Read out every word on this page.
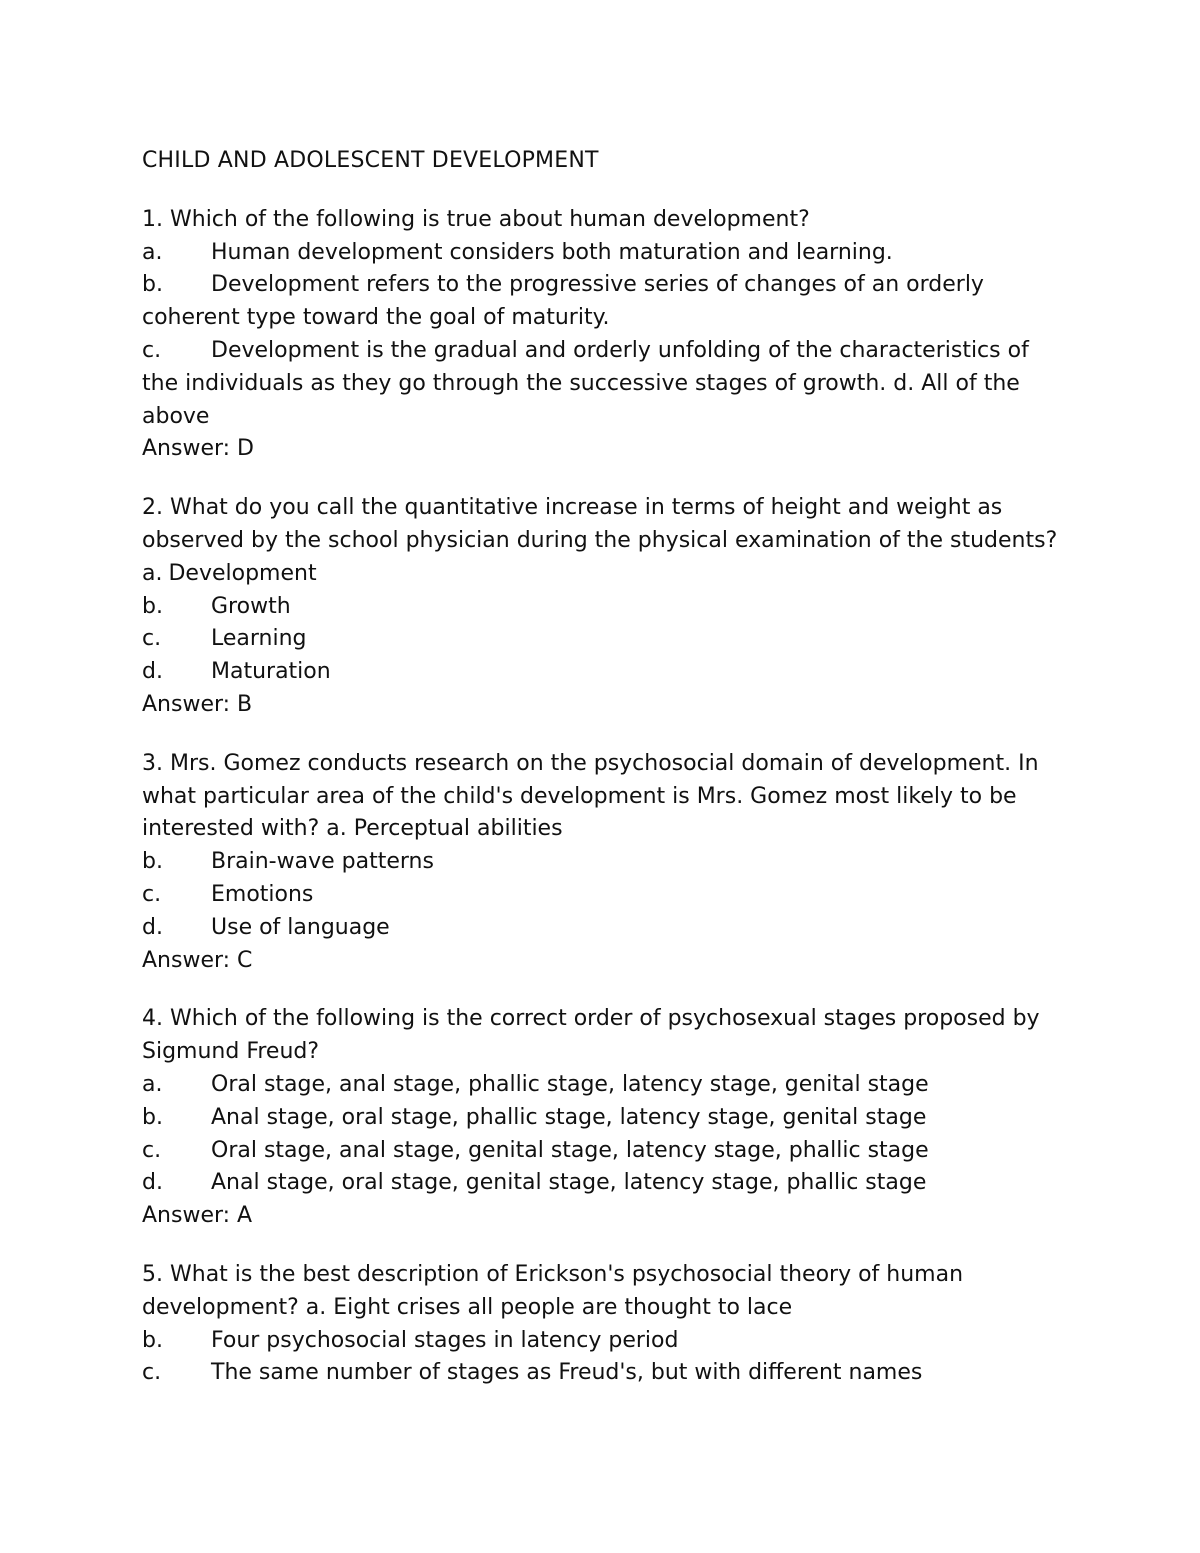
CHILD AND ADOLESCENT DEVELOPMENT

1. Which of the following is true about human development?

a.	Human development considers both maturation and learning.

b. Development refers to the progressive series of changes of an orderly coherent type toward the goal of maturity.

c. Development is the gradual and orderly unfolding of the characteristics of the individuals as they go through the successive stages of growth. d. All of the above

Answer: D

2. What do you call the quantitative increase in terms of height and weight as observed by the school physician during the physical examination of the students?

a. Development

b.	Growth

c.	Learning

d.	Maturation

Answer: B

3. Mrs. Gomez conducts research on the psychosocial domain of development. In what particular area of the child's development is Mrs. Gomez most likely to be interested with? a. Perceptual abilities

b.	Brain-wave patterns

c.	Emotions

d.	Use of language

Answer: C

4. Which of the following is the correct order of psychosexual stages proposed by Sigmund Freud?

a.	Oral stage, anal stage, phallic stage, latency stage, genital stage

b.	Anal stage, oral stage, phallic stage, latency stage, genital stage

c.	Oral stage, anal stage, genital stage, latency stage, phallic stage

d.	Anal stage, oral stage, genital stage, latency stage, phallic stage

Answer: A

5. What is the best description of Erickson's psychosocial theory of human development? a. Eight crises all people are thought to lace

b.	Four psychosocial stages in latency period

c.	The same number of stages as Freud's, but with different names
